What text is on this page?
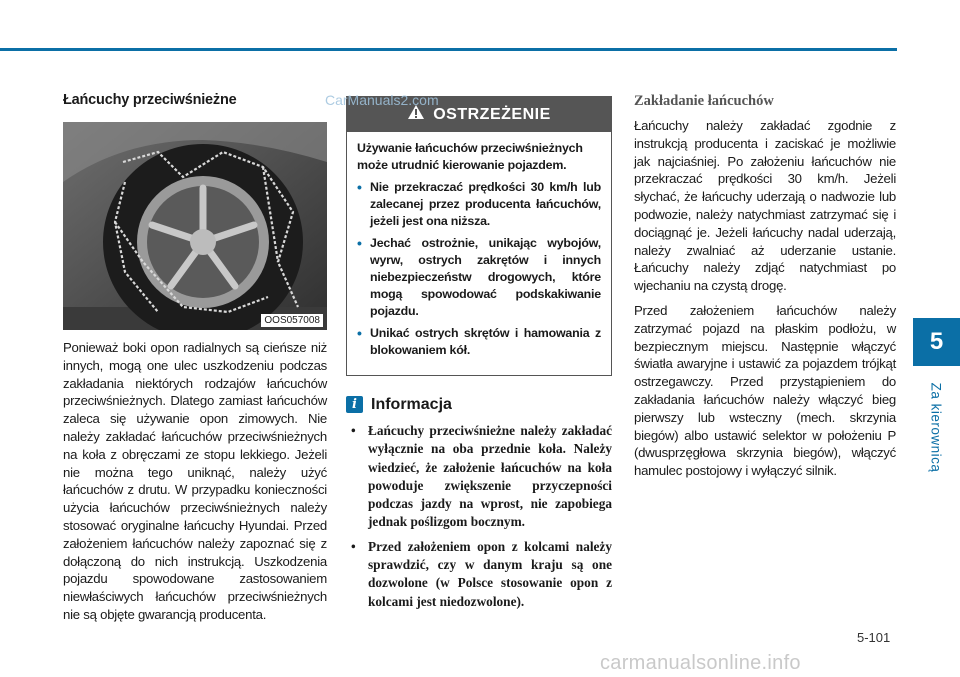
5
Za kierownicą
Łańcuchy przeciwśnieżne
OOS057008

Ponieważ boki opon radialnych są cieńsze niż innych, mogą one ulec uszkodzeniu podczas zakładania niektórych rodzajów łańcuchów przeciwśnieżnych. Dlatego zamiast łańcuchów zaleca się używanie opon zimowych. Nie należy zakładać łańcuchów przeciwśnieżnych na koła z obręczami ze stopu lekkiego. Jeżeli nie można tego uniknąć, należy użyć łańcuchów z drutu. W przypadku konieczności użycia łańcuchów przeciwśnieżnych należy stosować oryginalne łańcuchy Hyundai. Przed założeniem łańcuchów należy zapoznać się z dołączoną do nich instrukcją. Uszkodzenia pojazdu spowodowane zastosowaniem niewłaściwych łańcuchów przeciwśnieżnych nie są objęte gwarancją producenta.

OSTRZEŻENIE

Używanie łańcuchów przeciwśnieżnych może utrudnić kierowanie pojazdem.

• Nie przekraczać prędkości 30 km/h lub zalecanej przez producenta łańcuchów, jeżeli jest ona niższa.
• Jechać ostrożnie, unikając wybojów, wyrw, ostrych zakrętów i innych niebezpieczeństw drogowych, które mogą spowodować podskakiwanie pojazdu.
• Unikać ostrych skrętów i hamowania z blokowaniem kół.
i Informacja
• Łańcuchy przeciwśnieżne należy zakładać wyłącznie na oba przednie koła. Należy wiedzieć, że założenie łańcuchów na koła powoduje zwiększenie przyczepności podczas jazdy na wprost, nie zapobiega jednak poślizgom bocznym.
• Przed założeniem opon z kolcami należy sprawdzić, czy w danym kraju są one dozwolone (w Polsce stosowanie opon z kolcami jest niedozwolone).
Zakładanie łańcuchów

Łańcuchy należy zakładać zgodnie z instrukcją producenta i zaciskać je możliwie jak najciaśniej. Po założeniu łańcuchów nie przekraczać prędkości 30 km/h. Jeżeli słychać, że łańcuchy uderzają o nadwozie lub podwozie, należy natychmiast zatrzymać się i dociągnąć je. Jeżeli łańcuchy nadal uderzają, należy zwalniać aż uderzanie ustanie. Łańcuchy należy zdjąć natychmiast po wjechaniu na czystą drogę.

Przed założeniem łańcuchów należy zatrzymać pojazd na płaskim podłożu, w bezpiecznym miejscu. Następnie włączyć światła awaryjne i ustawić za pojazdem trójkąt ostrzegawczy. Przed przystąpieniem do zakładania łańcuchów należy włączyć bieg pierwszy lub wsteczny (mech. skrzynia biegów) albo ustawić selektor w położeniu P (dwusprzęgłowa skrzynia biegów), włączyć hamulec postojowy i wyłączyć silnik.

5-101
CarManuals2.com
carmanualsonline.info
